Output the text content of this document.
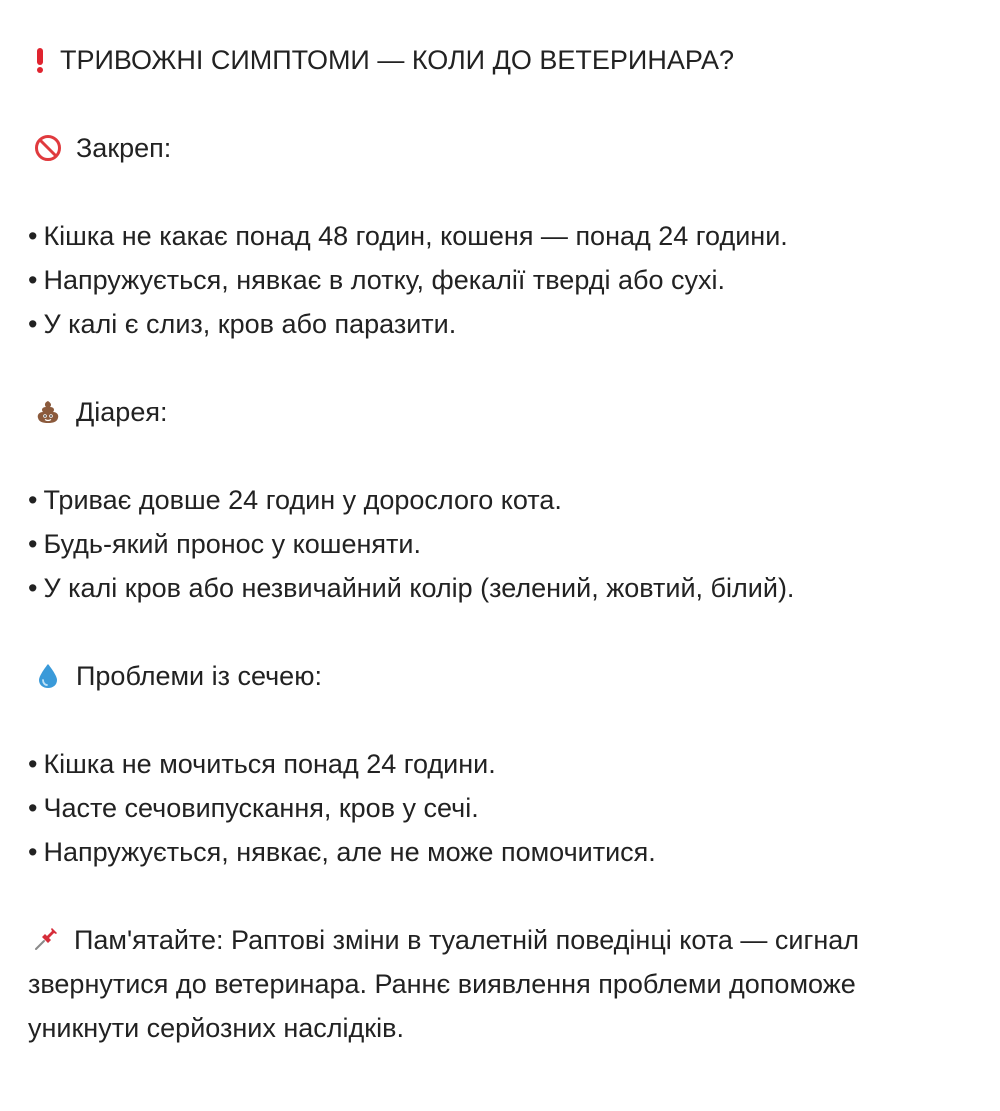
ТРИВОЖНІ СИМПТОМИ — КОЛИ ДО ВЕТЕРИНАРА?
Закреп:
• Кішка не какає понад 48 годин, кошеня — понад 24 години.
• Напружується, нявкає в лотку, фекалії тверді або сухі.
• У калі є слиз, кров або паразити.
Діарея:
• Триває довше 24 годин у дорослого кота.
• Будь-який пронос у кошеняти.
• У калі кров або незвичайний колір (зелений, жовтий, білий).
Проблеми із сечею:
• Кішка не мочиться понад 24 години.
• Часте сечовипускання, кров у сечі.
• Напружується, нявкає, але не може помочитися.
Пам'ятайте: Раптові зміни в туалетній поведінці кота — сигнал звернутися до ветеринара. Раннє виявлення проблеми допоможе уникнути серйозних наслідків.
